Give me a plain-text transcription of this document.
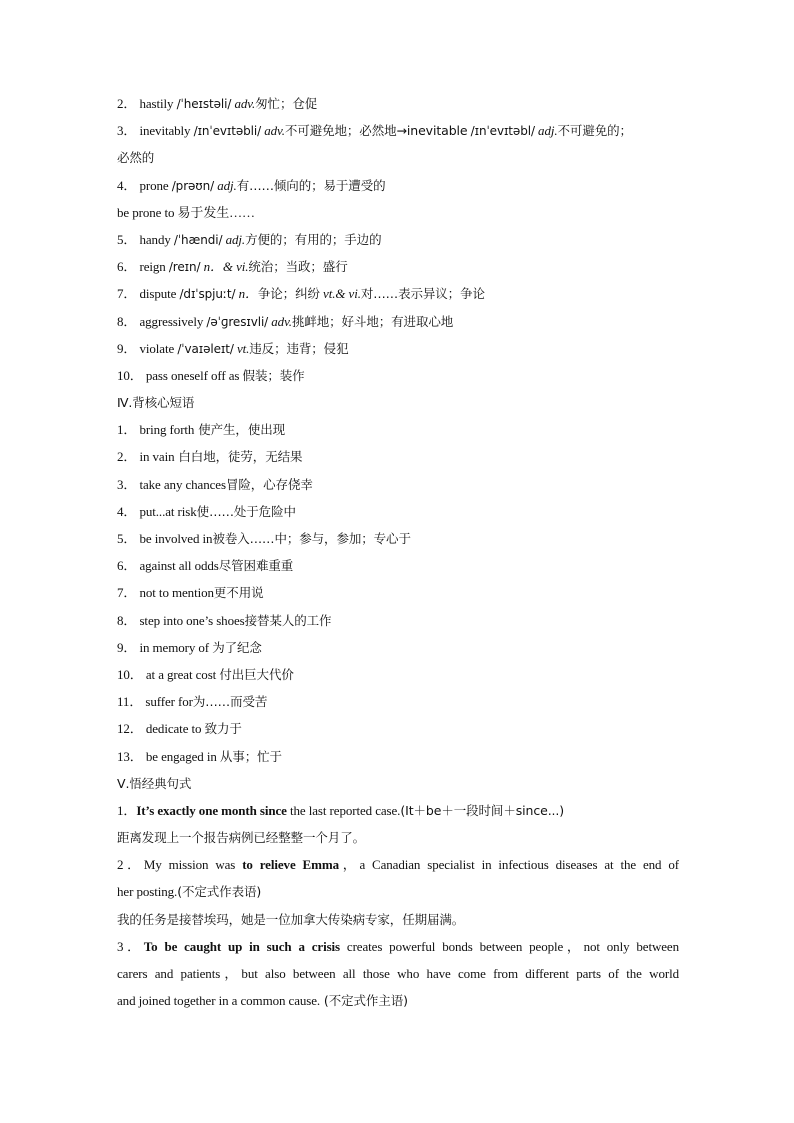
2． hastily /ˈheɪstəli/ adv.匆忙；仓促
3． inevitably /ɪnˈevɪtəbli/ adv.不可避免地；必然地→inevitable /ɪnˈevɪtəbl/ adj.不可避免的；
必然的
4． prone /prəʊn/ adj.有……倾向的；易于遭受的
be prone to 易于发生……
5． handy /ˈhændi/ adj.方便的；有用的；手边的
6． reign /reɪn/ n．& vi.统治；当政；盛行
7． dispute /dɪˈspjuːt/ n．争论；纠纷 vt.& vi.对……表示异议；争论
8． aggressively /əˈɡresɪvli/ adv.挑衅地；好斗地；有进取心地
9． violate /ˈvaɪəleɪt/ vt.违反；违背；侵犯
10． pass oneself off as 假装；装作
Ⅳ.背核心短语
1． bring forth 使产生，使出现
2． in vain 白白地，徒劳，无结果
3． take any chances冒险，心存侥幸
4． put...at risk使……处于危险中
5． be involved in被卷入……中；参与，参加；专心于
6． against all odds尽管困难重重
7． not to mention更不用说
8． step into one’s shoes接替某人的工作
9． in memory of 为了纪念
10． at a great cost 付出巨大代价
11． suffer for为……而受苦
12． dedicate to 致力于
13． be engaged in 从事；忙于
Ⅴ.悟经典句式
1．It’s exactly one month since the last reported case.(It＋be＋一段时间＋since...)
距离发现上一个报告病例已经整整一个月了。
2．My mission was to relieve Emma，a Canadian specialist in infectious diseases at the end of
her posting.(不定式作表语)
我的任务是接替埃玛，她是一位加拿大传染病专家，任期届满。
3．To be caught up in such a crisis creates powerful bonds between people，not only between
carers and patients，but also between all those who have come from different parts of the world
and joined together in a common cause. (不定式作主语)
